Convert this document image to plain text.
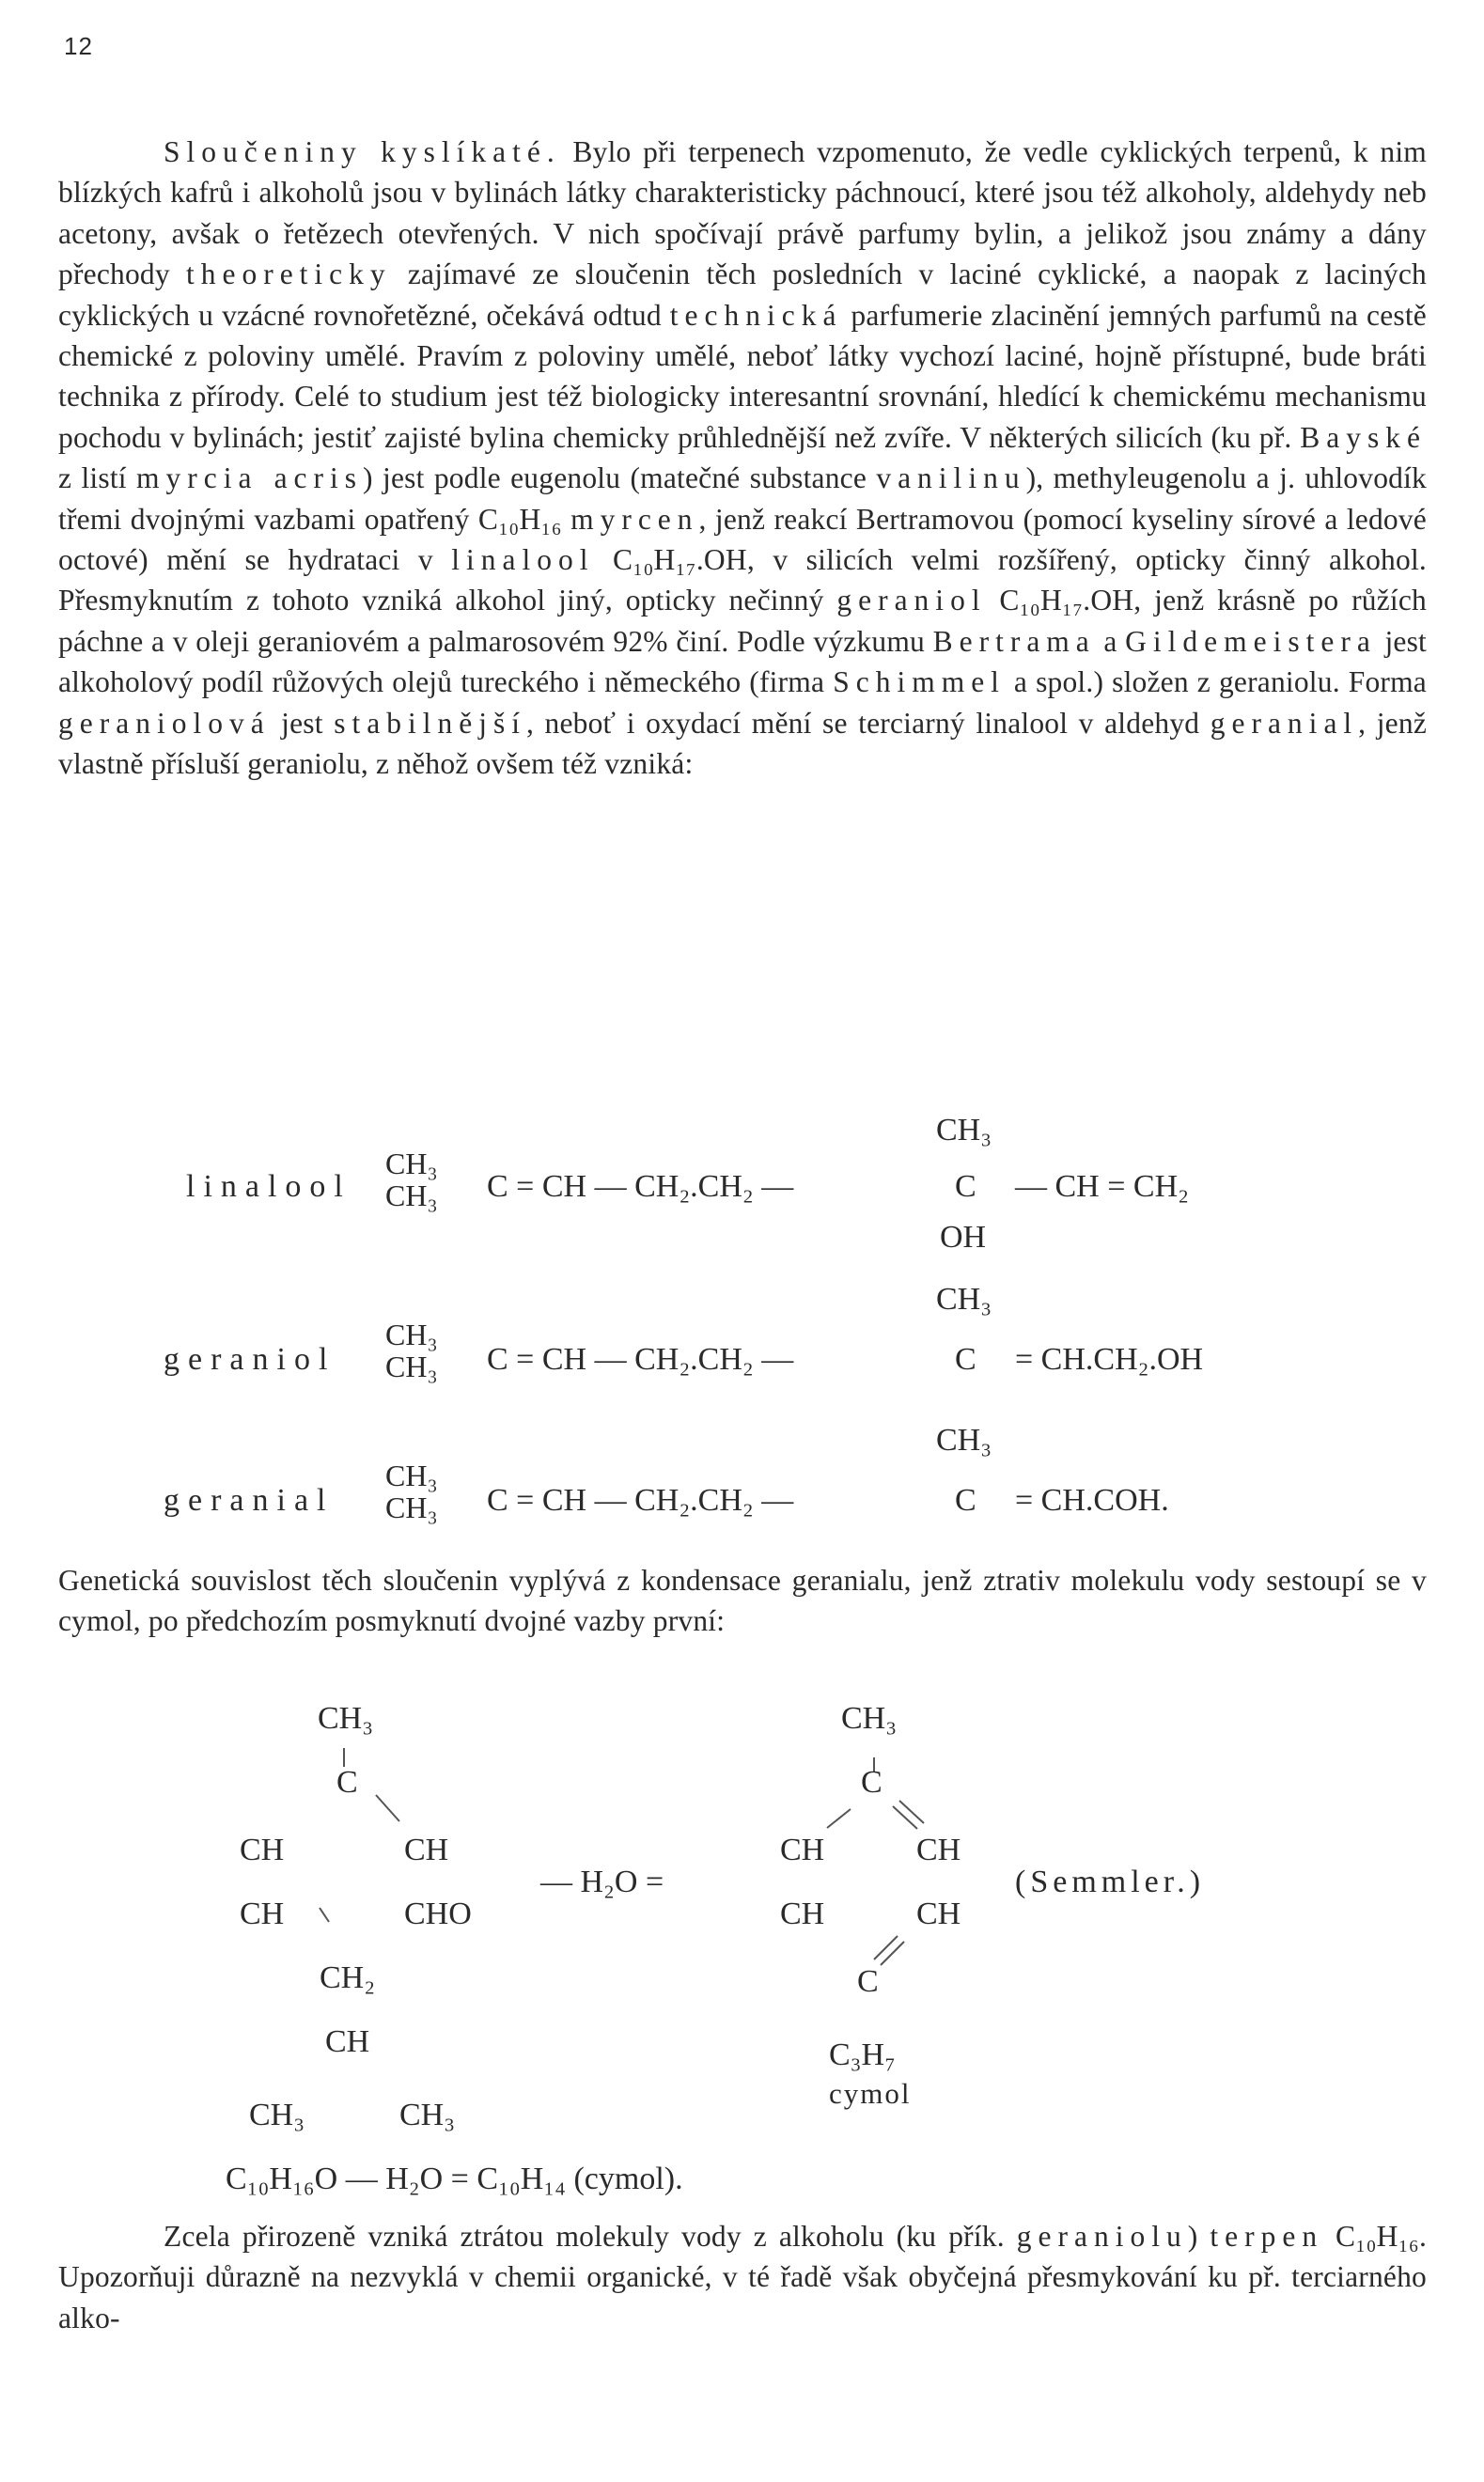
12

Sloučeniny kyslíkaté. Bylo při terpenech vzpomenuto, že vedle cyklických terpenů, k nim blízkých kafrů i alkoholů jsou v bylinách látky charakteristicky páchnoucí, které jsou též alkoholy, aldehydy neb acetony, avšak o řetězech otevřených. V nich spočívají právě parfumy bylin, a jelikož jsou známy a dány přechody theoreticky zajímavé ze sloučenin těch posledních v laciné cyklické, a naopak z laciných cyklických u vzácné rovnořetězné, očekává odtud technická parfumerie zlacinění jemných parfumů na cestě chemické z poloviny umělé. Pravím z poloviny umělé, neboť látky vychozí laciné, hojně přístupné, bude bráti technika z přírody. Celé to studium jest též biologicky interesantní srovnání, hledící k chemickému mechanismu pochodu v bylinách; jestiť zajisté bylina chemicky průhlednější než zvíře. V některých silicích (ku př. Bayské z listí myrcia acris) jest podle eugenolu (matečné substance vanilinu), methyleugenolu a j. uhlovodík třemi dvojnými vazbami opatřený C₁₀H₁₆ myrcen, jenž reakcí Bertramovou (pomocí kyseliny sírové a ledové octové) mění se hydrataci v linalool C₁₀H₁₇.OH, v silicích velmi rozšířený, opticky činný alkohol. Přesmyknutím z tohoto vzniká alkohol jiný, opticky nečinný geraniol C₁₀H₁₇.OH, jenž krásně po růžích páchne a v oleji geraniovém a palmarosovém 92% činí. Podle výzkumu Bertrama a Gildemeistera jest alkoholový podíl růžových olejů tureckého i německého (firma Schimmel a spol.) složen z geraniolu. Forma geraniolová jest stabilnější, neboť i oxydací mění se terciarný linalool v aldehyd geranial, jenž vlastně přísluší geraniolu, z něhož ovšem též vzniká:

linalool
CH₃
CH₃ C = CH — CH₂.CH₂ —
CH₃
C
OH
— CH = CH₂
geraniol
CH₃
CH₃ C = CH — CH₂.CH₂ —
CH₃
C = CH.CH₂.OH
geranial
CH₃
CH₃ C = CH — CH₂.CH₂ —
CH₃
C = CH.COH.

Genetická souvislost těch sloučenin vyplývá z kondensace geranialu, jenž ztrativ molekulu vody sestoupí se v cymol, po předchozím posmyknutí dvojné vazby první:

CH₃
C
CH	CH
CH	CHO
CH₂
CH
CH₃	CH₃
— H₂O =
CH₃
C
CH	CH
CH	CH
C
C₃H₇
cymol
(Semmler.)
C₁₀H₁₆O — H₂O = C₁₀H₁₄ (cymol).

Zcela přirozeně vzniká ztrátou molekuly vody z alkoholu (ku přík. geraniolu) terpen C₁₀H₁₆. Upozorňuji důrazně na nezvyklá v chemii organické, v té řadě však obyčejná přesmykování ku př. terciarného alko-
